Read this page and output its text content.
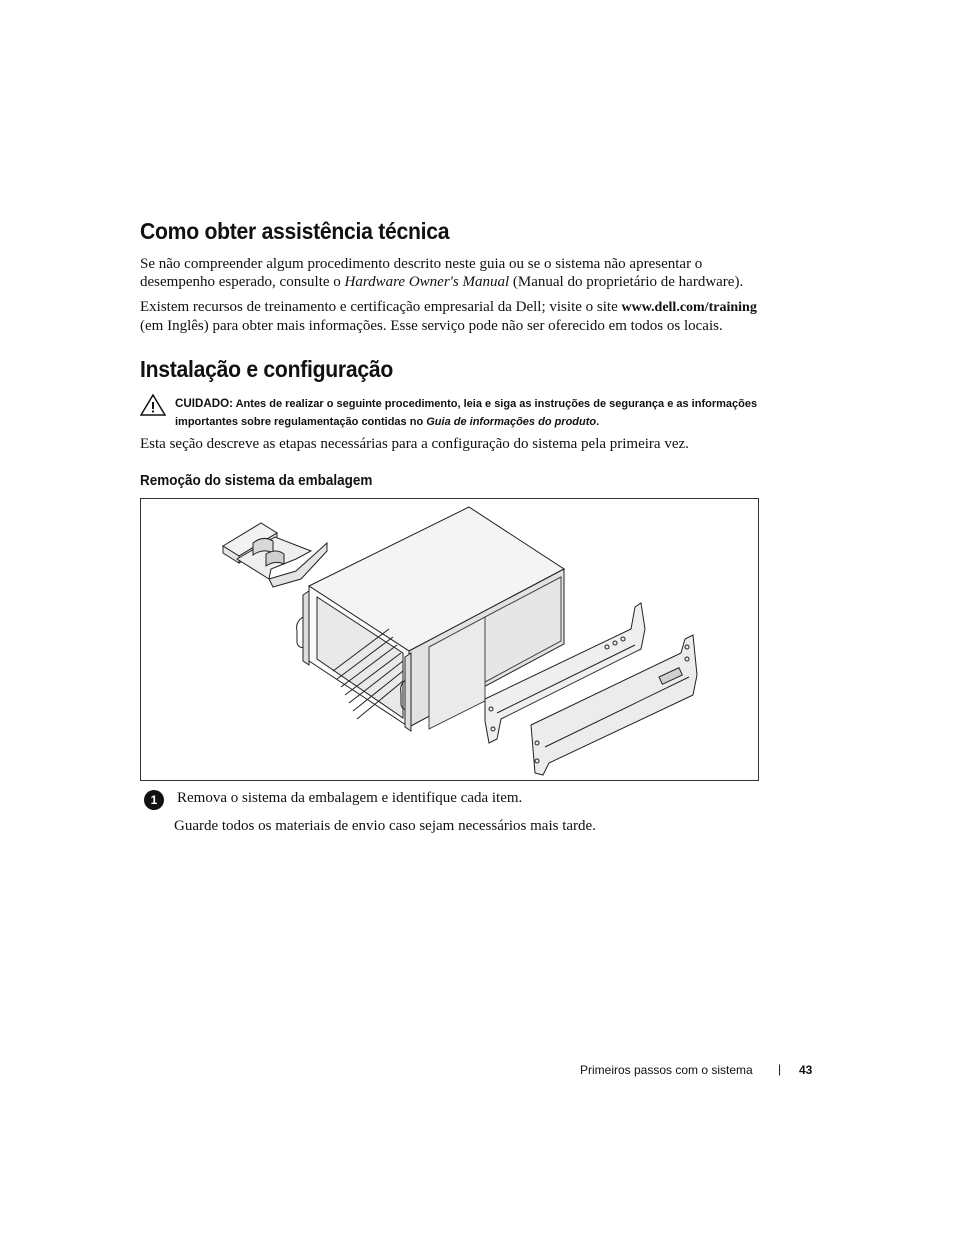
Como obter assistência técnica

Se não compreender algum procedimento descrito neste guia ou se o sistema não apresentar o
desempenho esperado, consulte o Hardware Owner's Manual (Manual do proprietário de hardware).

Existem recursos de treinamento e certificação empresarial da Dell; visite o site www.dell.com/training
(em Inglês) para obter mais informações. Esse serviço pode não ser oferecido em todos os locais.

Instalação e configuração

CUIDADO: Antes de realizar o seguinte procedimento, leia e siga as instruções de segurança e as informações
importantes sobre regulamentação contidas no Guia de informações do produto.

Esta seção descreve as etapas necessárias para a configuração do sistema pela primeira vez.

Remoção do sistema da embalagem
1	Remova o sistema da embalagem e identifique cada item.

Guarde todos os materiais de envio caso sejam necessários mais tarde.

Primeiros passos com o sistema | 43
